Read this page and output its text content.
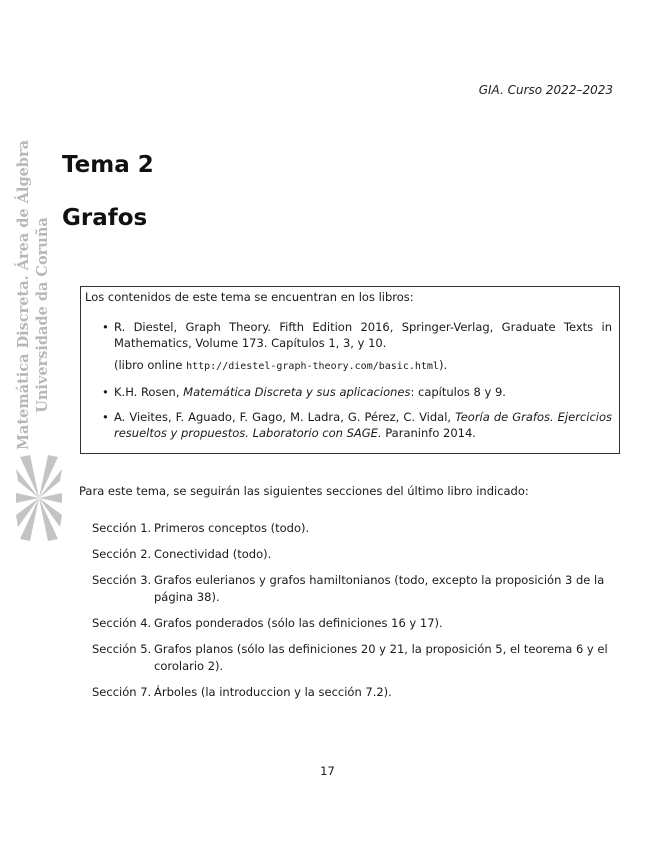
GIA. Curso 2022–2023
Matemática Discreta. Área de Álgebra Universidade da Coruña
Tema 2
Grafos
Los contenidos de este tema se encuentran en los libros:
• R. Diestel, Graph Theory. Fifth Edition 2016, Springer-Verlag, Graduate Texts in Mathematics, Volume 173. Capítulos 1, 3, y 10.
(libro online http://diestel-graph-theory.com/basic.html).
• K.H. Rosen, Matemática Discreta y sus aplicaciones: capítulos 8 y 9.
• A. Vieites, F. Aguado, F. Gago, M. Ladra, G. Pérez, C. Vidal, Teoría de Grafos. Ejercicios resueltos y propuestos. Laboratorio con SAGE. Paraninfo 2014.
Para este tema, se seguirán las siguientes secciones del último libro indicado:
Sección 1. Primeros conceptos (todo).
Sección 2. Conectividad (todo).
Sección 3. Grafos eulerianos y grafos hamiltonianos (todo, excepto la proposición 3 de la página 38).
Sección 4. Grafos ponderados (sólo las definiciones 16 y 17).
Sección 5. Grafos planos (sólo las definiciones 20 y 21, la proposición 5, el teorema 6 y el corolario 2).
Sección 7. Árboles (la introduccion y la sección 7.2).
17
